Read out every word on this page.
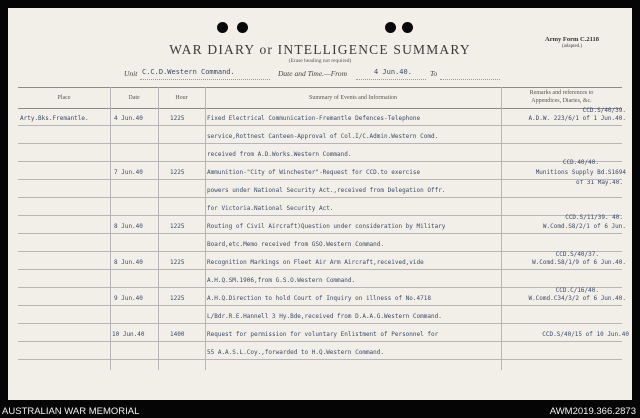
Army Form C.2118
(adapted.)
WAR DIARY or INTELLIGENCE SUMMARY
(Erase heading not required)
Unit C.C.D.Western Command.	Date and Time.—From	4 Jun.40. To
Place	Date	Hour	Summary of Events and Information
Remarks and references to
Appendices, Diaries, &c.
Arty.Bks.Fremantle.	4 Jun.40	1225	Fixed Electrical Communication-Fremantle Defences-Telephone
service,Rottnest Canteen-Approval of Col.I/C.Admin.Western Comd.
received from A.D.Works.Western Command.
CCD.S/40/39.
A.D.W. 223/6/1 of 1 Jun.40.
7 Jun.40	1225	Ammunition-"City of Winchester"-Request for CCD.to exercise
powers under National Security Act.,received from Delegation Offr.
for Victoria.National Security Act.
CCD.40/40.
Munitions Supply Bd.S1694
of 31 May.40.
8 Jun.40	1225	Routing of Civil Aircraft)Question under consideration by Military
Board,etc.Memo received from GSO.Western Command.
CCD.S/11/39. 40.
W.Comd.S8/2/1 of 6 Jun.
8 Jun.40	1225	Recognition Markings on Fleet Air Arm Aircraft,received,vide
A.H.Q.SM.1906,from G.S.O.Western Command.
CCD.S/40/37.
W.Comd.S8/1/9 of 6 Jun.40.
9 Jun.40	1225	A.H.Q.Direction to hold Court of Inquiry on illness of No.4718
L/Bdr.R.E.Hannell 3 Hy.Bde,received from D.A.A.G.Western Command.
CCD.C/16/40.
W.Comd.C34/3/2 of 6 Jun.40.
10 Jun.40	1400	Request for permission for voluntary Enlistment of Personnel for
55 A.A.S.L.Coy.,forwarded to H.Q.Western Command.
CCD.S/40/15 of 10 Jun.40
AUSTRALIAN WAR MEMORIAL	AWM2019.366.2873
